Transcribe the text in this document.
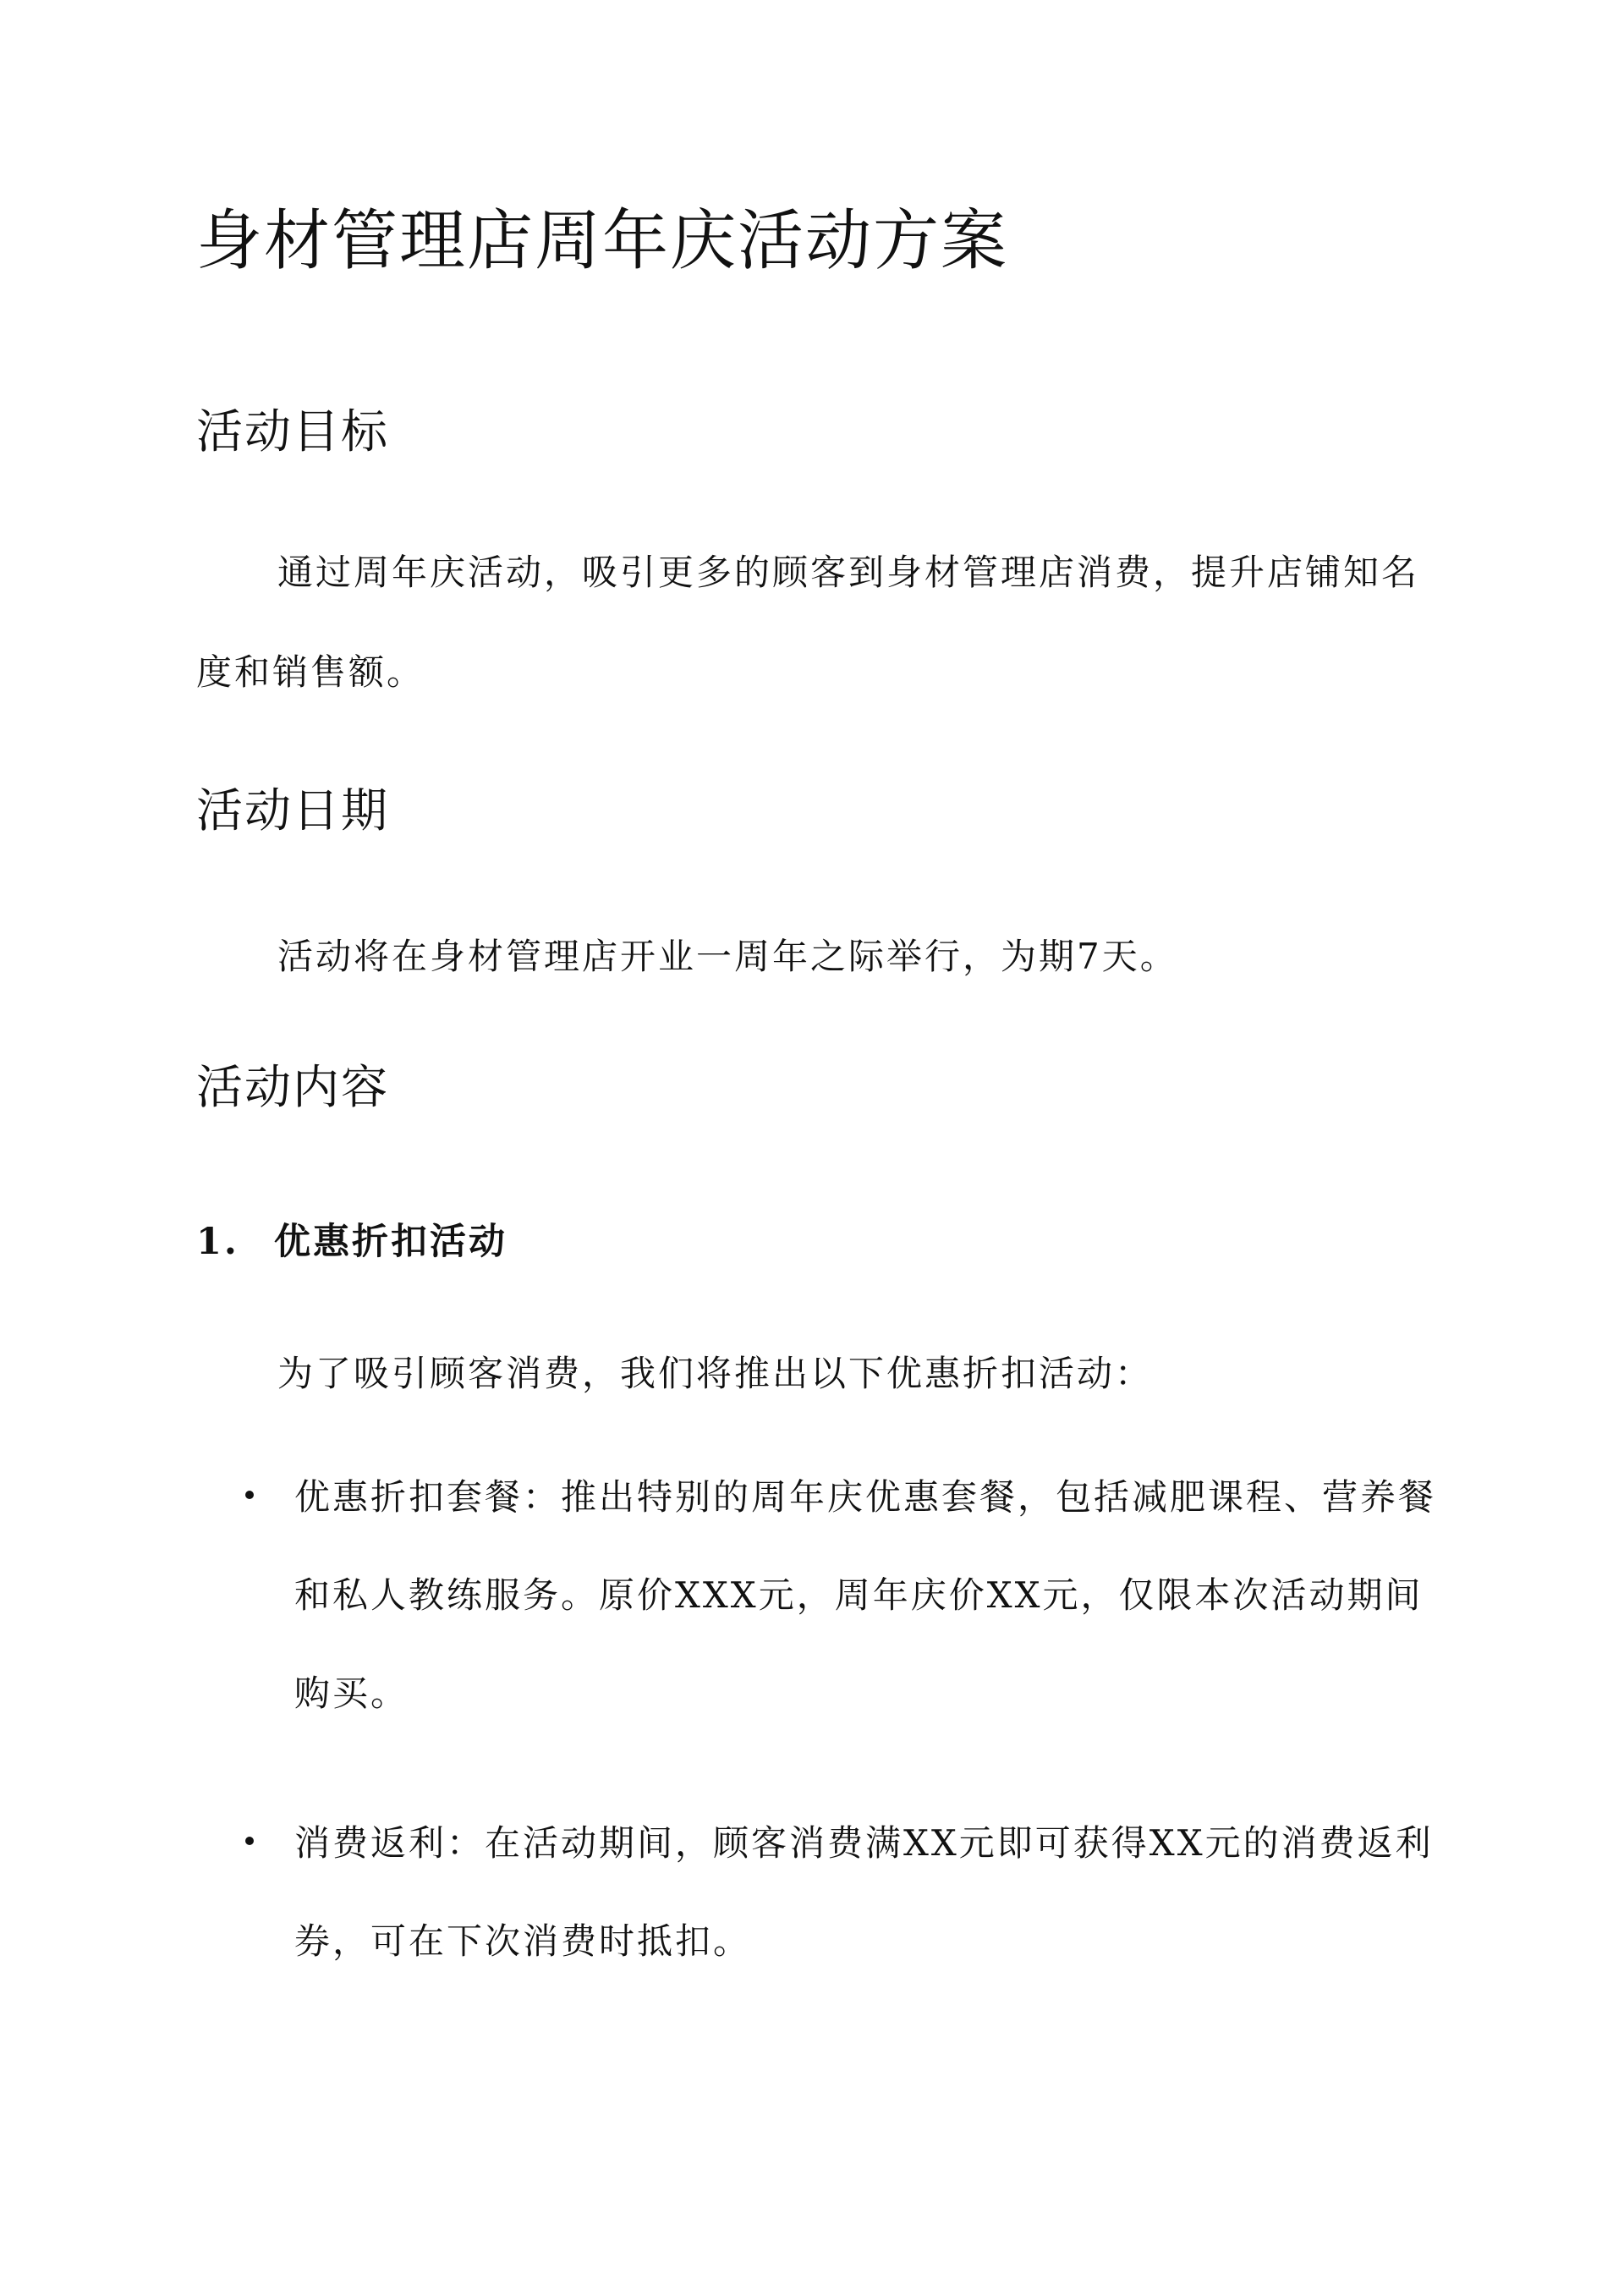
身材管理店周年庆活动方案
活动目标

通过周年庆活动，吸引更多的顾客到身材管理店消费，提升店铺知名度和销售额。

活动日期

活动将在身材管理店开业一周年之际举行，为期7天。

活动内容
1. 优惠折扣活动

为了吸引顾客消费，我们将推出以下优惠折扣活动：

优惠折扣套餐：推出特别的周年庆优惠套餐，包括减肥课程、营养餐和私人教练服务。原价XXX元，周年庆价XX元，仅限本次活动期间购买。
消费返利：在活动期间，顾客消费满XX元即可获得XX元的消费返利券，可在下次消费时抵扣。
